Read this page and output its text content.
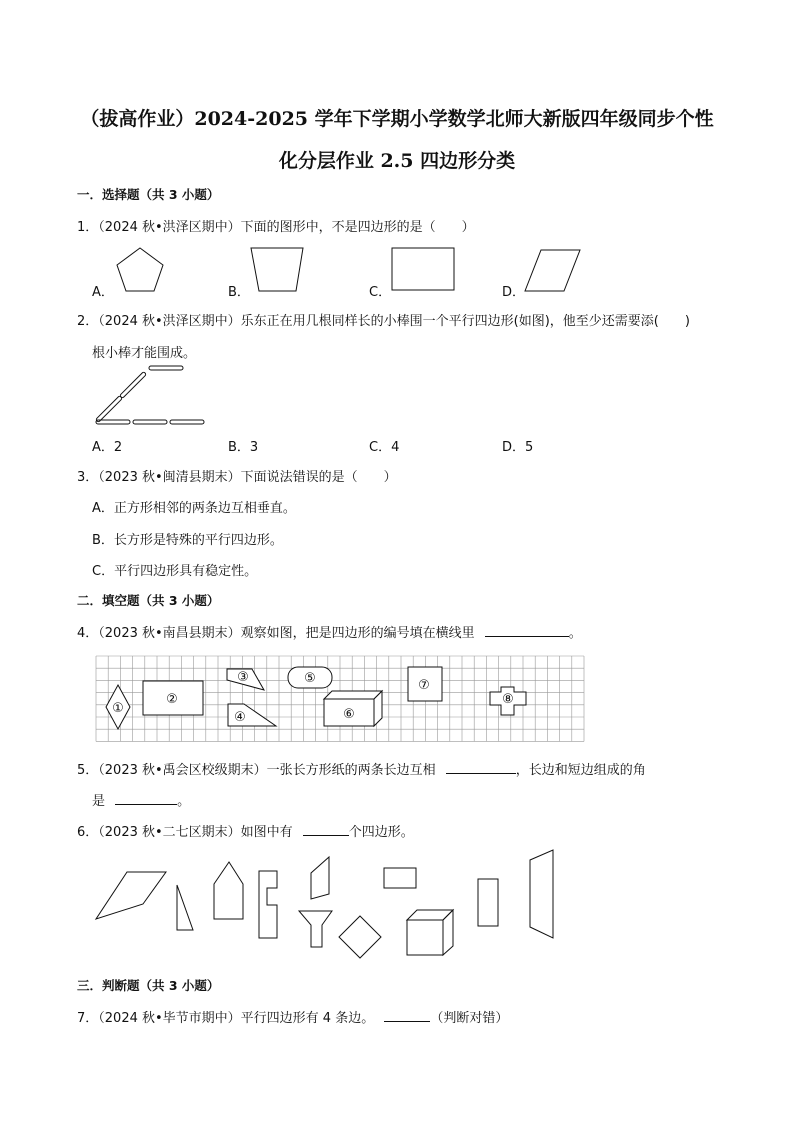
（拔高作业）2024-2025 学年下学期小学数学北师大新版四年级同步个性
化分层作业 2.5 四边形分类
一．选择题（共 3 小题）
1．（2024 秋•洪泽区期中）下面的图形中，不是四边形的是（　　）
A．	B．	C．	D．
2．（2024 秋•洪泽区期中）乐东正在用几根同样长的小棒围一个平行四边形(如图)，他至少还需要添(　　)
根小棒才能围成。
A．2	B．3	C．4	D．5
3．（2023 秋•闽清县期末）下面说法错误的是（　　）
A．正方形相邻的两条边互相垂直。
B．长方形是特殊的平行四边形。
C．平行四边形具有稳定性。
二．填空题（共 3 小题）
4．（2023 秋•南昌县期末）观察如图，把是四边形的编号填在横线里	。
①
②
③
④
⑤
⑥
⑦
⑧
5．（2023 秋•禹会区校级期末）一张长方形纸的两条长边互相	，长边和短边组成的角
是	。
6．（2023 秋•二七区期末）如图中有	个四边形。
三．判断题（共 3 小题）
7．（2024 秋•毕节市期中）平行四边形有 4 条边。	（判断对错）
